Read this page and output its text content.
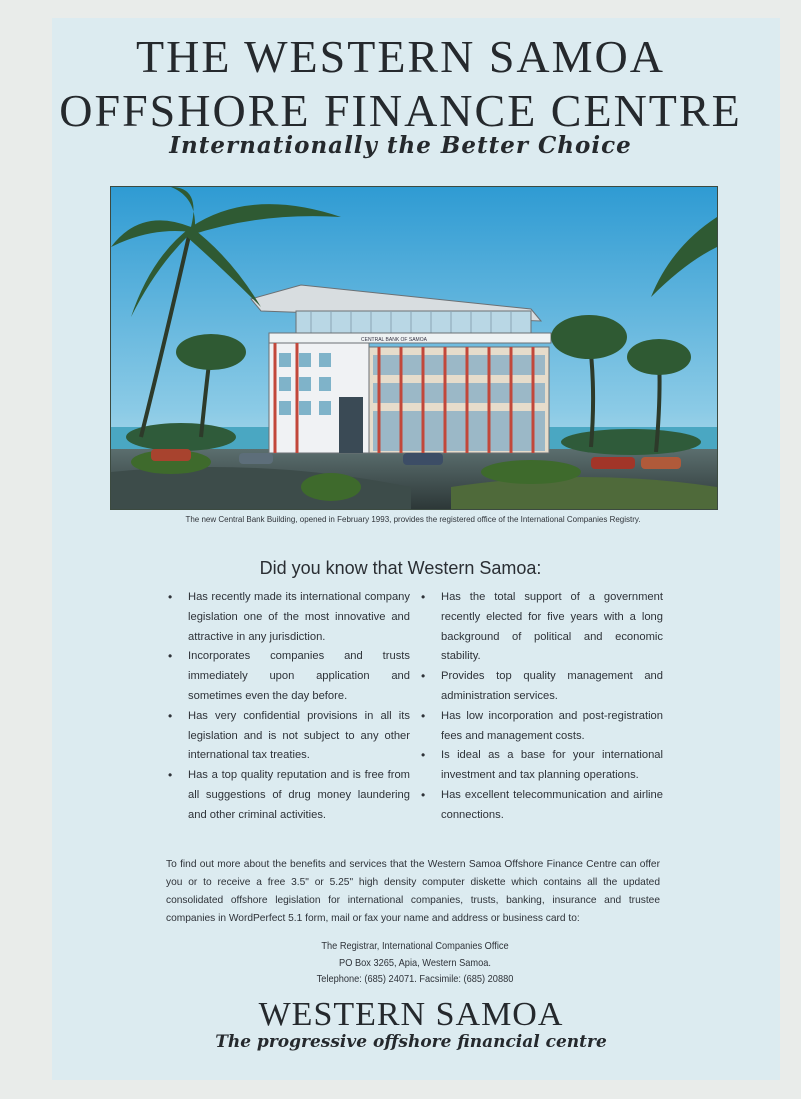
THE WESTERN SAMOA
OFFSHORE FINANCE CENTRE
Internationally the Better Choice
CENTRAL BANK OF SAMOA
The new Central Bank Building, opened in February 1993, provides the registered office of the International Companies Registry.
Did you know that Western Samoa:
• Has recently made its international company legislation one of the most innovative and attractive in any jurisdiction.
• Incorporates companies and trusts immediately upon application and sometimes even the day before.
• Has very confidential provisions in all its legislation and is not subject to any other international tax treaties.
• Has a top quality reputation and is free from all suggestions of drug money laundering and other criminal activities.
• Has the total support of a government recently elected for five years with a long background of political and economic stability.
• Provides top quality management and administration services.
• Has low incorporation and post-registration fees and management costs.
• Is ideal as a base for your international investment and tax planning operations.
• Has excellent telecommunication and airline connections.

To find out more about the benefits and services that the Western Samoa Offshore Finance Centre can offer you or to receive a free 3.5" or 5.25" high density computer diskette which contains all the updated consolidated offshore legislation for international companies, trusts, banking, insurance and trustee companies in WordPerfect 5.1 form, mail or fax your name and address or business card to:

The Registrar, International Companies Office
PO Box 3265, Apia, Western Samoa.
Telephone: (685) 24071. Facsimile: (685) 20880
WESTERN SAMOA
The progressive offshore financial centre
